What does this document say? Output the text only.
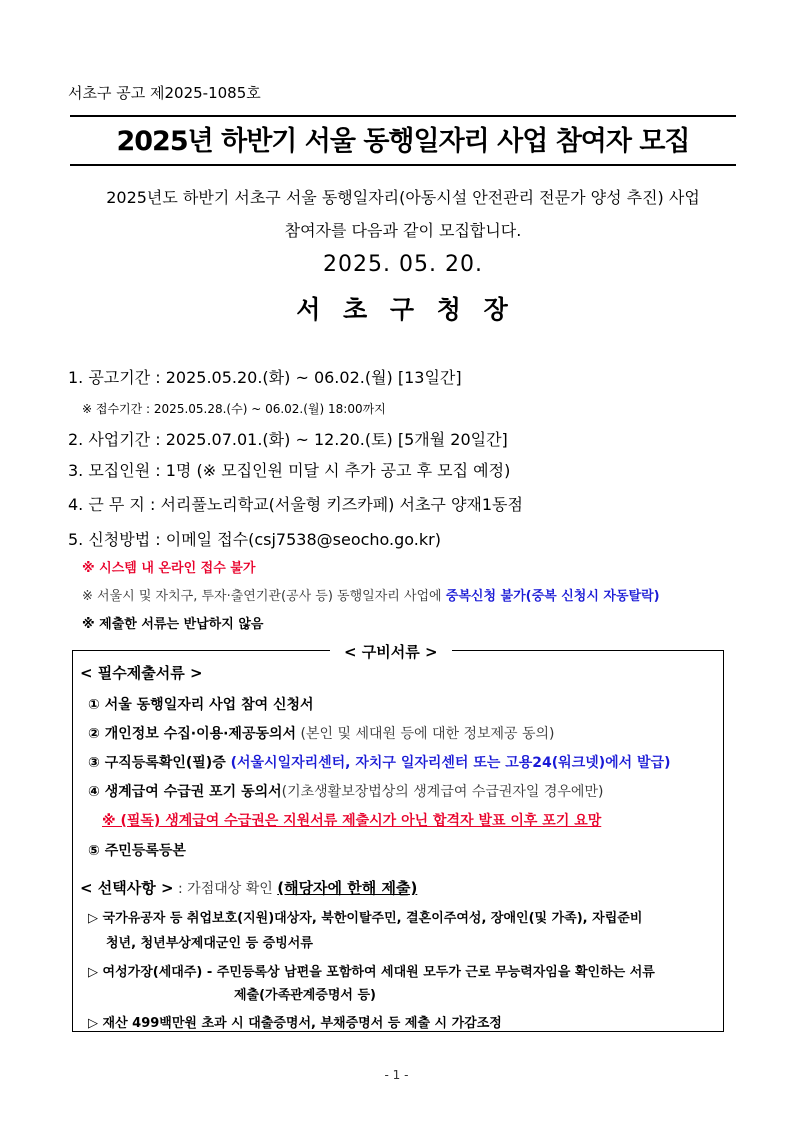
서초구 공고 제2025-1085호
2025년 하반기 서울 동행일자리 사업 참여자 모집
2025년도 하반기 서초구 서울 동행일자리(아동시설 안전관리 전문가 양성 추진) 사업
참여자를 다음과 같이 모집합니다.
2025. 05. 20.
서 초 구 청 장
1. 공고기간 : 2025.05.20.(화) ~ 06.02.(월) [13일간]
※ 접수기간 : 2025.05.28.(수) ~ 06.02.(월) 18:00까지
2. 사업기간 : 2025.07.01.(화) ~ 12.20.(토) [5개월 20일간]
3. 모집인원 : 1명 (※ 모집인원 미달 시 추가 공고 후 모집 예정)
4. 근 무 지 : 서리풀노리학교(서울형 키즈카페) 서초구 양재1동점
5. 신청방법 : 이메일 접수(csj7538@seocho.go.kr)
※ 시스템 내 온라인 접수 불가
※ 서울시 및 자치구, 투자·출연기관(공사 등) 동행일자리 사업에 중복신청 불가(중복 신청시 자동탈락)
※ 제출한 서류는 반납하지 않음
< 구비서류 >
< 필수제출서류 >
① 서울 동행일자리 사업 참여 신청서
② 개인정보 수집·이용·제공동의서 (본인 및 세대원 등에 대한 정보제공 동의)
③ 구직등록확인(필)증 (서울시일자리센터, 자치구 일자리센터 또는 고용24(워크넷)에서 발급)
④ 생계급여 수급권 포기 동의서(기초생활보장법상의 생계급여 수급권자일 경우에만)
※ (필독) 생계급여 수급권은 지원서류 제출시가 아닌 합격자 발표 이후 포기 요망
⑤ 주민등록등본
< 선택사항 > : 가점대상 확인 (해당자에 한해 제출)
▷ 국가유공자 등 취업보호(지원)대상자, 북한이탈주민, 결혼이주여성, 장애인(및 가족), 자립준비
청년, 청년부상제대군인 등 증빙서류
▷ 여성가장(세대주) - 주민등록상 남편을 포함하여 세대원 모두가 근로 무능력자임을 확인하는 서류
제출(가족관계증명서 등)
▷ 재산 499백만원 초과 시 대출증명서, 부채증명서 등 제출 시 가감조정
- 1 -
